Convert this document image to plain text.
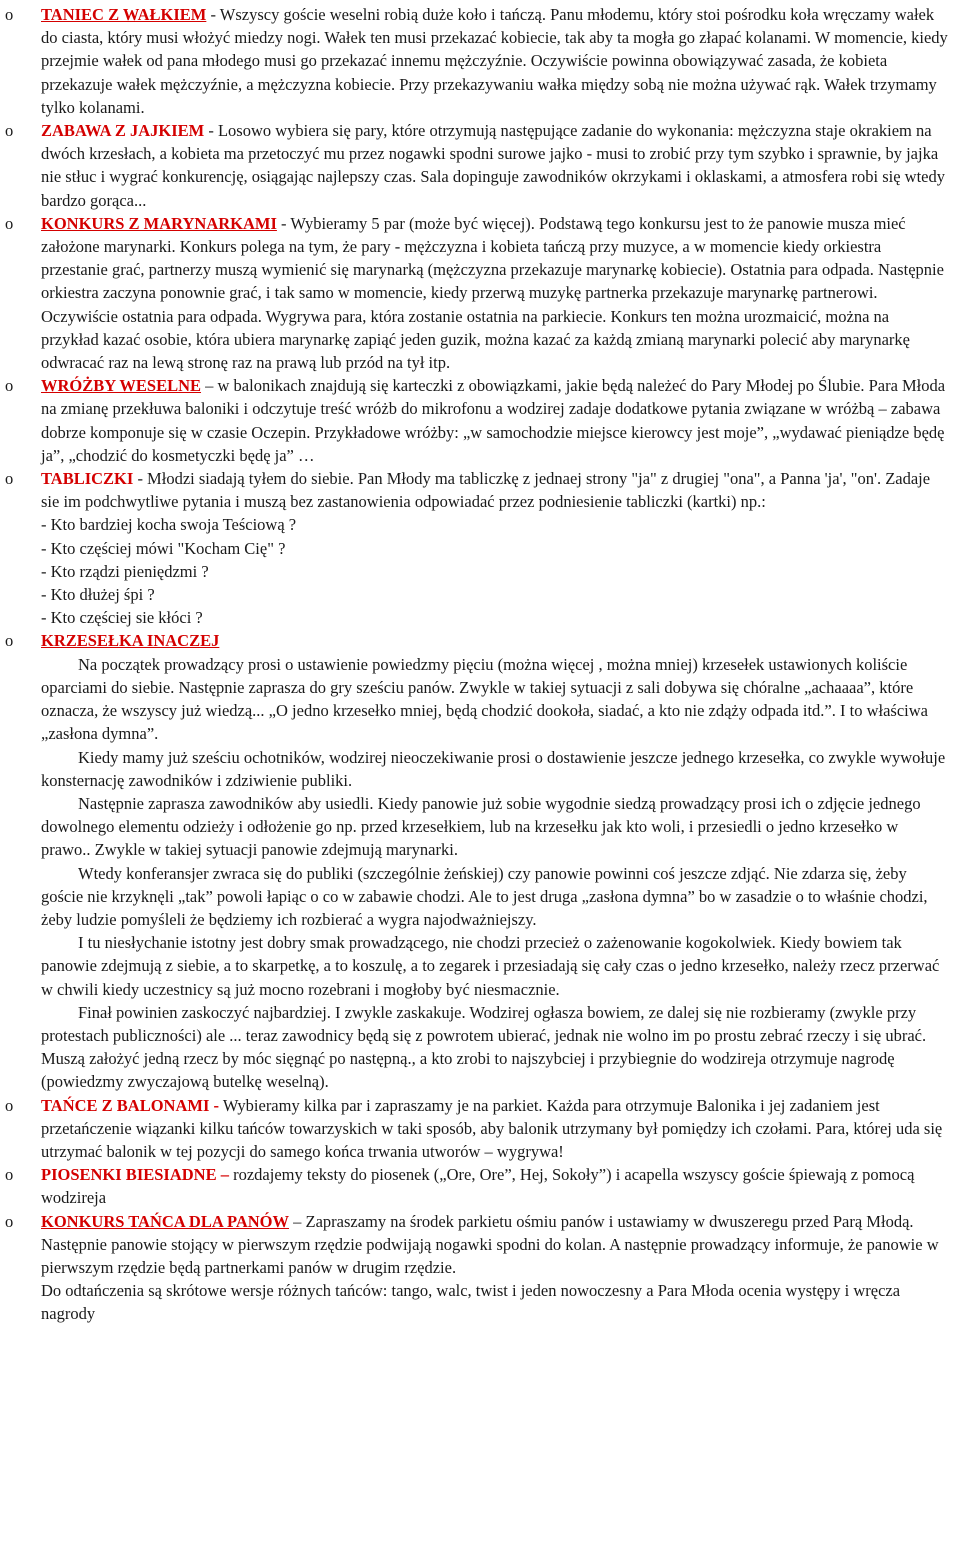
o TANIEC Z WAŁKIEM - Wszyscy goście weselni robią duże koło i tańczą. Panu młodemu, który stoi pośrodku koła wręczamy wałek do ciasta, który musi włożyć miedzy nogi. Wałek ten musi przekazać kobiecie, tak aby ta mogła go złapać kolanami. W momencie, kiedy przejmie wałek od pana młodego musi go przekazać innemu mężczyźnie. Oczywiście powinna obowiązywać zasada, że kobieta przekazuje wałek mężczyźnie, a mężczyzna kobiecie. Przy przekazywaniu wałka między sobą nie można używać rąk. Wałek trzymamy tylko kolanami.
o ZABAWA Z JAJKIEM - Losowo wybiera się pary, które otrzymują następujące zadanie do wykonania: mężczyzna staje okrakiem na dwóch krzesłach, a kobieta ma przetoczyć mu przez nogawki spodni surowe jajko - musi to zrobić przy tym szybko i sprawnie, by jajka nie stłuc i wygrać konkurencję, osiągając najlepszy czas. Sala dopinguje zawodników okrzykami i oklaskami, a atmosfera robi się wtedy bardzo gorąca...
o KONKURS Z MARYNARKAMI - Wybieramy 5 par (może być więcej). Podstawą tego konkursu jest to że panowie musza mieć założone marynarki. Konkurs polega na tym, że pary - mężczyzna i kobieta tańczą przy muzyce, a w momencie kiedy orkiestra przestanie grać, partnerzy muszą wymienić się marynarką (mężczyzna przekazuje marynarkę kobiecie). Ostatnia para odpada. Następnie orkiestra zaczyna ponownie grać, i tak samo w momencie, kiedy przerwą muzykę partnerka przekazuje marynarkę partnerowi. Oczywiście ostatnia para odpada. Wygrywa para, która zostanie ostatnia na parkiecie. Konkurs ten można urozmaicić, można na przykład kazać osobie, która ubiera marynarkę zapiąć jeden guzik, można kazać za każdą zmianą marynarki polecić aby marynarkę odwracać raz na lewą stronę raz na prawą lub przód na tył itp.
o WRÓŻBY WESELNE – w balonikach znajdują się karteczki z obowiązkami, jakie będą należeć do Pary Młodej po Ślubie. Para Młoda na zmianę przekłuwa baloniki i odczytuje treść wróżb do mikrofonu a wodzirej zadaje dodatkowe pytania związane w wróżbą – zabawa dobrze komponuje się w czasie Oczepin. Przykładowe wróżby: „w samochodzie miejsce kierowcy jest moje”, „wydawać pieniądze będę ja”, „chodzić do kosmetyczki będę ja” …
o TABLICZKI - Młodzi siadają tyłem do siebie. Pan Młody ma tabliczkę z jednaej strony "ja" z drugiej "ona", a Panna 'ja', "on'. Zadaje sie im podchwytliwe pytania i muszą bez zastanowienia odpowiadać przez podniesienie tabliczki (kartki) np.:
- Kto bardziej kocha swoja Teściową ?
- Kto częściej mówi "Kocham Cię" ?
- Kto rządzi pieniędzmi ?
- Kto dłużej śpi ?
- Kto częściej sie kłóci ?
o KRZESEŁKA INACZEJ
Na początek prowadzący prosi o ustawienie powiedzmy pięciu (można więcej , można mniej) krzesełek ustawionych koliście oparciami do siebie. Następnie zaprasza do gry sześciu panów. Zwykle w takiej sytuacji z sali dobywa się chóralne „achaaaa”, które oznacza, że wszyscy już wiedzą... „O jedno krzesełko mniej, będą chodzić dookoła, siadać, a kto nie zdąży odpada itd.”. I to właściwa „zasłona dymna”.
Kiedy mamy już sześciu ochotników, wodzirej nieoczekiwanie prosi o dostawienie jeszcze jednego krzesełka, co zwykle wywołuje konsternację zawodników i zdziwienie publiki.
Następnie zaprasza zawodników aby usiedli. Kiedy panowie już sobie wygodnie siedzą prowadzący prosi ich o zdjęcie jednego dowolnego elementu odzieży i odłożenie go np. przed krzesełkiem, lub na krzesełku jak kto woli, i przesiedli o jedno krzesełko w prawo.. Zwykle w takiej sytuacji panowie zdejmują marynarki.
Wtedy konferansjer zwraca się do publiki (szczególnie żeńskiej) czy panowie powinni coś jeszcze zdjąć. Nie zdarza się, żeby goście nie krzyknęli „tak” powoli łapiąc o co w zabawie chodzi. Ale to jest druga „zasłona dymna” bo w zasadzie o to właśnie chodzi, żeby ludzie pomyśleli że będziemy ich rozbierać a wygra najodważniejszy.
I tu niesłychanie istotny jest dobry smak prowadzącego, nie chodzi przecież o zażenowanie kogokolwiek. Kiedy bowiem tak panowie zdejmują z siebie, a to skarpetkę, a to koszulę, a to zegarek i przesiadają się cały czas o jedno krzesełko, należy rzecz przerwać w chwili kiedy uczestnicy są już mocno rozebrani i mogłoby być niesmacznie.
Finał powinien zaskoczyć najbardziej. I zwykle zaskakuje. Wodzirej ogłasza bowiem, ze dalej się nie rozbieramy (zwykle przy protestach publiczności) ale ... teraz zawodnicy będą się z powrotem ubierać, jednak nie wolno im po prostu zebrać rzeczy i się ubrać. Muszą założyć jedną rzecz by móc sięgnąć po następną., a kto zrobi to najszybciej i przybiegnie do wodzireja otrzymuje nagrodę (powiedzmy zwyczajową butelkę weselną).
o TAŃCE Z BALONAMI - Wybieramy kilka par i zapraszamy je na parkiet. Każda para otrzymuje Balonika i jej zadaniem jest przetańczenie wiązanki kilku tańców towarzyskich w taki sposób, aby balonik utrzymany był pomiędzy ich czołami. Para, której uda się utrzymać balonik w tej pozycji do samego końca trwania utworów – wygrywa!
o PIOSENKI BIESIADNE – rozdajemy teksty do piosenek („Ore, Ore”, Hej, Sokoły”) i acapella wszyscy goście śpiewają z pomocą wodzireja
o KONKURS TAŃCA DLA PANÓW – Zapraszamy na środek parkietu ośmiu panów i ustawiamy w dwuszeregu przed Parą Młodą. Następnie panowie stojący w pierwszym rzędzie podwijają nogawki spodni do kolan. A następnie prowadzący informuje, że panowie w pierwszym rzędzie będą partnerkami panów w drugim rzędzie.
Do odtańczenia są skrótowe wersje różnych tańców: tango, walc, twist i jeden nowoczesny a Para Młoda ocenia występy i wręcza nagrody
